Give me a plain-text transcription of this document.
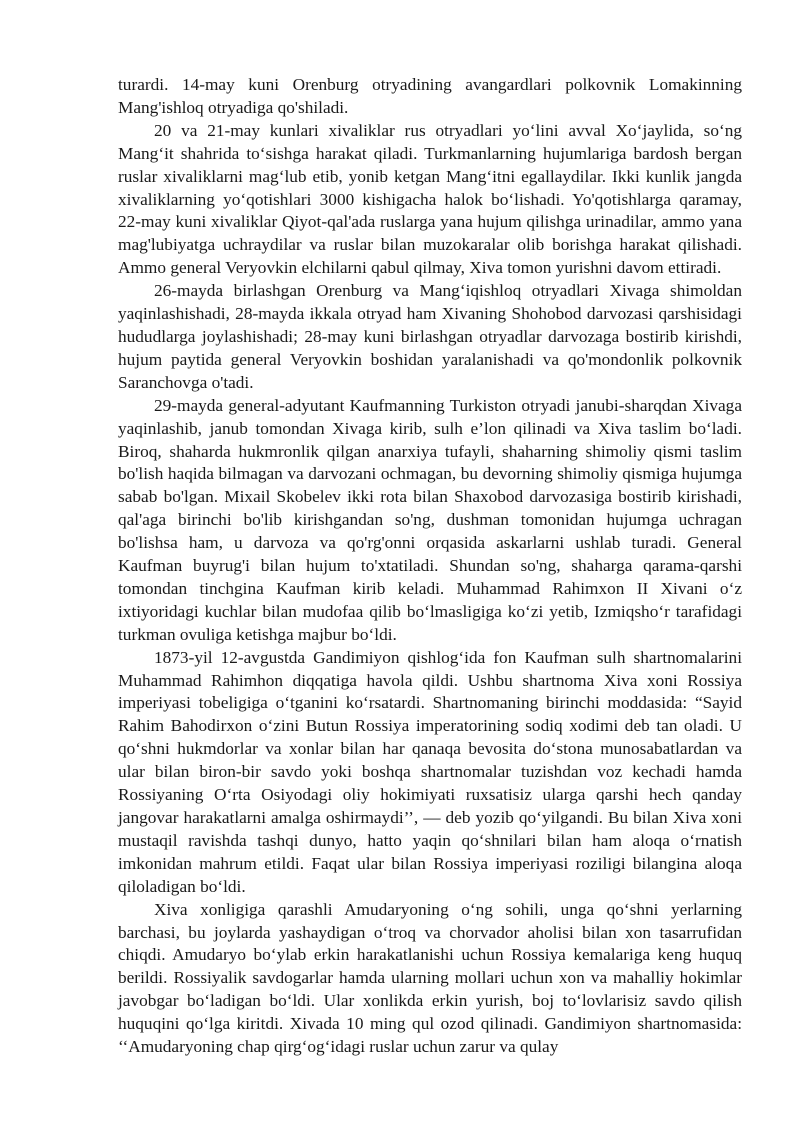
turardi. 14-may kuni Orenburg otryadining avangardlari polkovnik Lomakinning Mang'ishloq otryadiga qo'shiladi.

20 va 21-may kunlari xivaliklar rus otryadlari yo‘lini avval Xo‘jaylida, so‘ng Mang‘it shahrida to‘sishga harakat qiladi. Turkmanlarning hujumlariga bardosh bergan ruslar xivaliklarni mag‘lub etib, yonib ketgan Mang‘itni egallaydilar. Ikki kunlik jangda xivaliklarning yo‘qotishlari 3000 kishigacha halok bo‘lishadi. Yo'qotishlarga qaramay, 22-may kuni xivaliklar Qiyot-qal'ada ruslarga yana hujum qilishga urinadilar, ammo yana mag'lubiyatga uchraydilar va ruslar bilan muzokaralar olib borishga harakat qilishadi. Ammo general Veryovkin elchilarni qabul qilmay, Xiva tomon yurishni davom ettiradi.

26-mayda birlashgan Orenburg va Mang‘iqishloq otryadlari Xivaga shimoldan yaqinlashishadi, 28-mayda ikkala otryad ham Xivaning Shohobod darvozasi qarshisidagi hududlarga joylashishadi; 28-may kuni birlashgan otryadlar darvozaga bostirib kirishdi, hujum paytida general Veryovkin boshidan yaralanishadi va qo'mondonlik polkovnik Saranchovga o'tadi.

29-mayda general-adyutant Kaufmanning Turkiston otryadi janubi-sharqdan Xivaga yaqinlashib, janub tomondan Xivaga kirib, sulh e’lon qilinadi va Xiva taslim bo‘ladi. Biroq, shaharda hukmronlik qilgan anarxiya tufayli, shaharning shimoliy qismi taslim bo'lish haqida bilmagan va darvozani ochmagan, bu devorning shimoliy qismiga hujumga sabab bo'lgan. Mixail Skobelev ikki rota bilan Shaxobod darvozasiga bostirib kirishadi, qal'aga birinchi bo'lib kirishgandan so'ng, dushman tomonidan hujumga uchragan bo'lishsa ham, u darvoza va qo'rg'onni orqasida askarlarni ushlab turadi. General Kaufman buyrug'i bilan hujum to'xtatiladi. Shundan so'ng, shaharga qarama-qarshi tomondan tinchgina Kaufman kirib keladi. Muhammad Rahimxon II Xivani o‘z ixtiyoridagi kuchlar bilan mudofaa qilib bo‘lmasligiga ko‘zi yetib, Izmiqsho‘r tarafidagi turkman ovuliga ketishga majbur bo‘ldi.

1873-yil 12-avgustda Gandimiyon qishlog‘ida fon Kaufman sulh shartnomalarini Muhammad Rahimhon diqqatiga havola qildi. Ushbu shartnoma Xiva xoni Rossiya imperiyasi tobeligiga o‘tganini ko‘rsatardi. Shartnomaning birinchi moddasida: “Sayid Rahim Bahodirxon o‘zini Butun Rossiya imperatorining sodiq xodimi deb tan oladi. U qo‘shni hukmdorlar va xonlar bilan har qanaqa bevosita do‘stona munosabatlardan va ular bilan biron-bir savdo yoki boshqa shartnomalar tuzishdan voz kechadi hamda Rossiyaning O‘rta Osiyodagi oliy hokimiyati ruxsatisiz ularga qarshi hech qanday jangovar harakatlarni amalga oshirmaydi’’, — deb yozib qo‘yilgandi. Bu bilan Xiva xoni mustaqil ravishda tashqi dunyo, hatto yaqin qo‘shnilari bilan ham aloqa o‘rnatish imkonidan mahrum etildi. Faqat ular bilan Rossiya imperiyasi roziligi bilangina aloqa qiloladigan bo‘ldi.

Xiva xonligiga qarashli Amudaryoning o‘ng sohili, unga qo‘shni yerlarning barchasi, bu joylarda yashaydigan o‘troq va chorvador aholisi bilan xon tasarrufidan chiqdi. Amudaryo bo‘ylab erkin harakatlanishi uchun Rossiya kemalariga keng huquq berildi. Rossiyalik savdogarlar hamda ularning mollari uchun xon va mahalliy hokimlar javobgar bo‘ladigan bo‘ldi. Ular xonlikda erkin yurish, boj to‘lovlarisiz savdo qilish huquqini qo‘lga kiritdi. Xivada 10 ming qul ozod qilinadi. Gandimiyon shartnomasida: ‘‘Amudaryoning chap qirg‘og‘idagi ruslar uchun zarur va qulay
